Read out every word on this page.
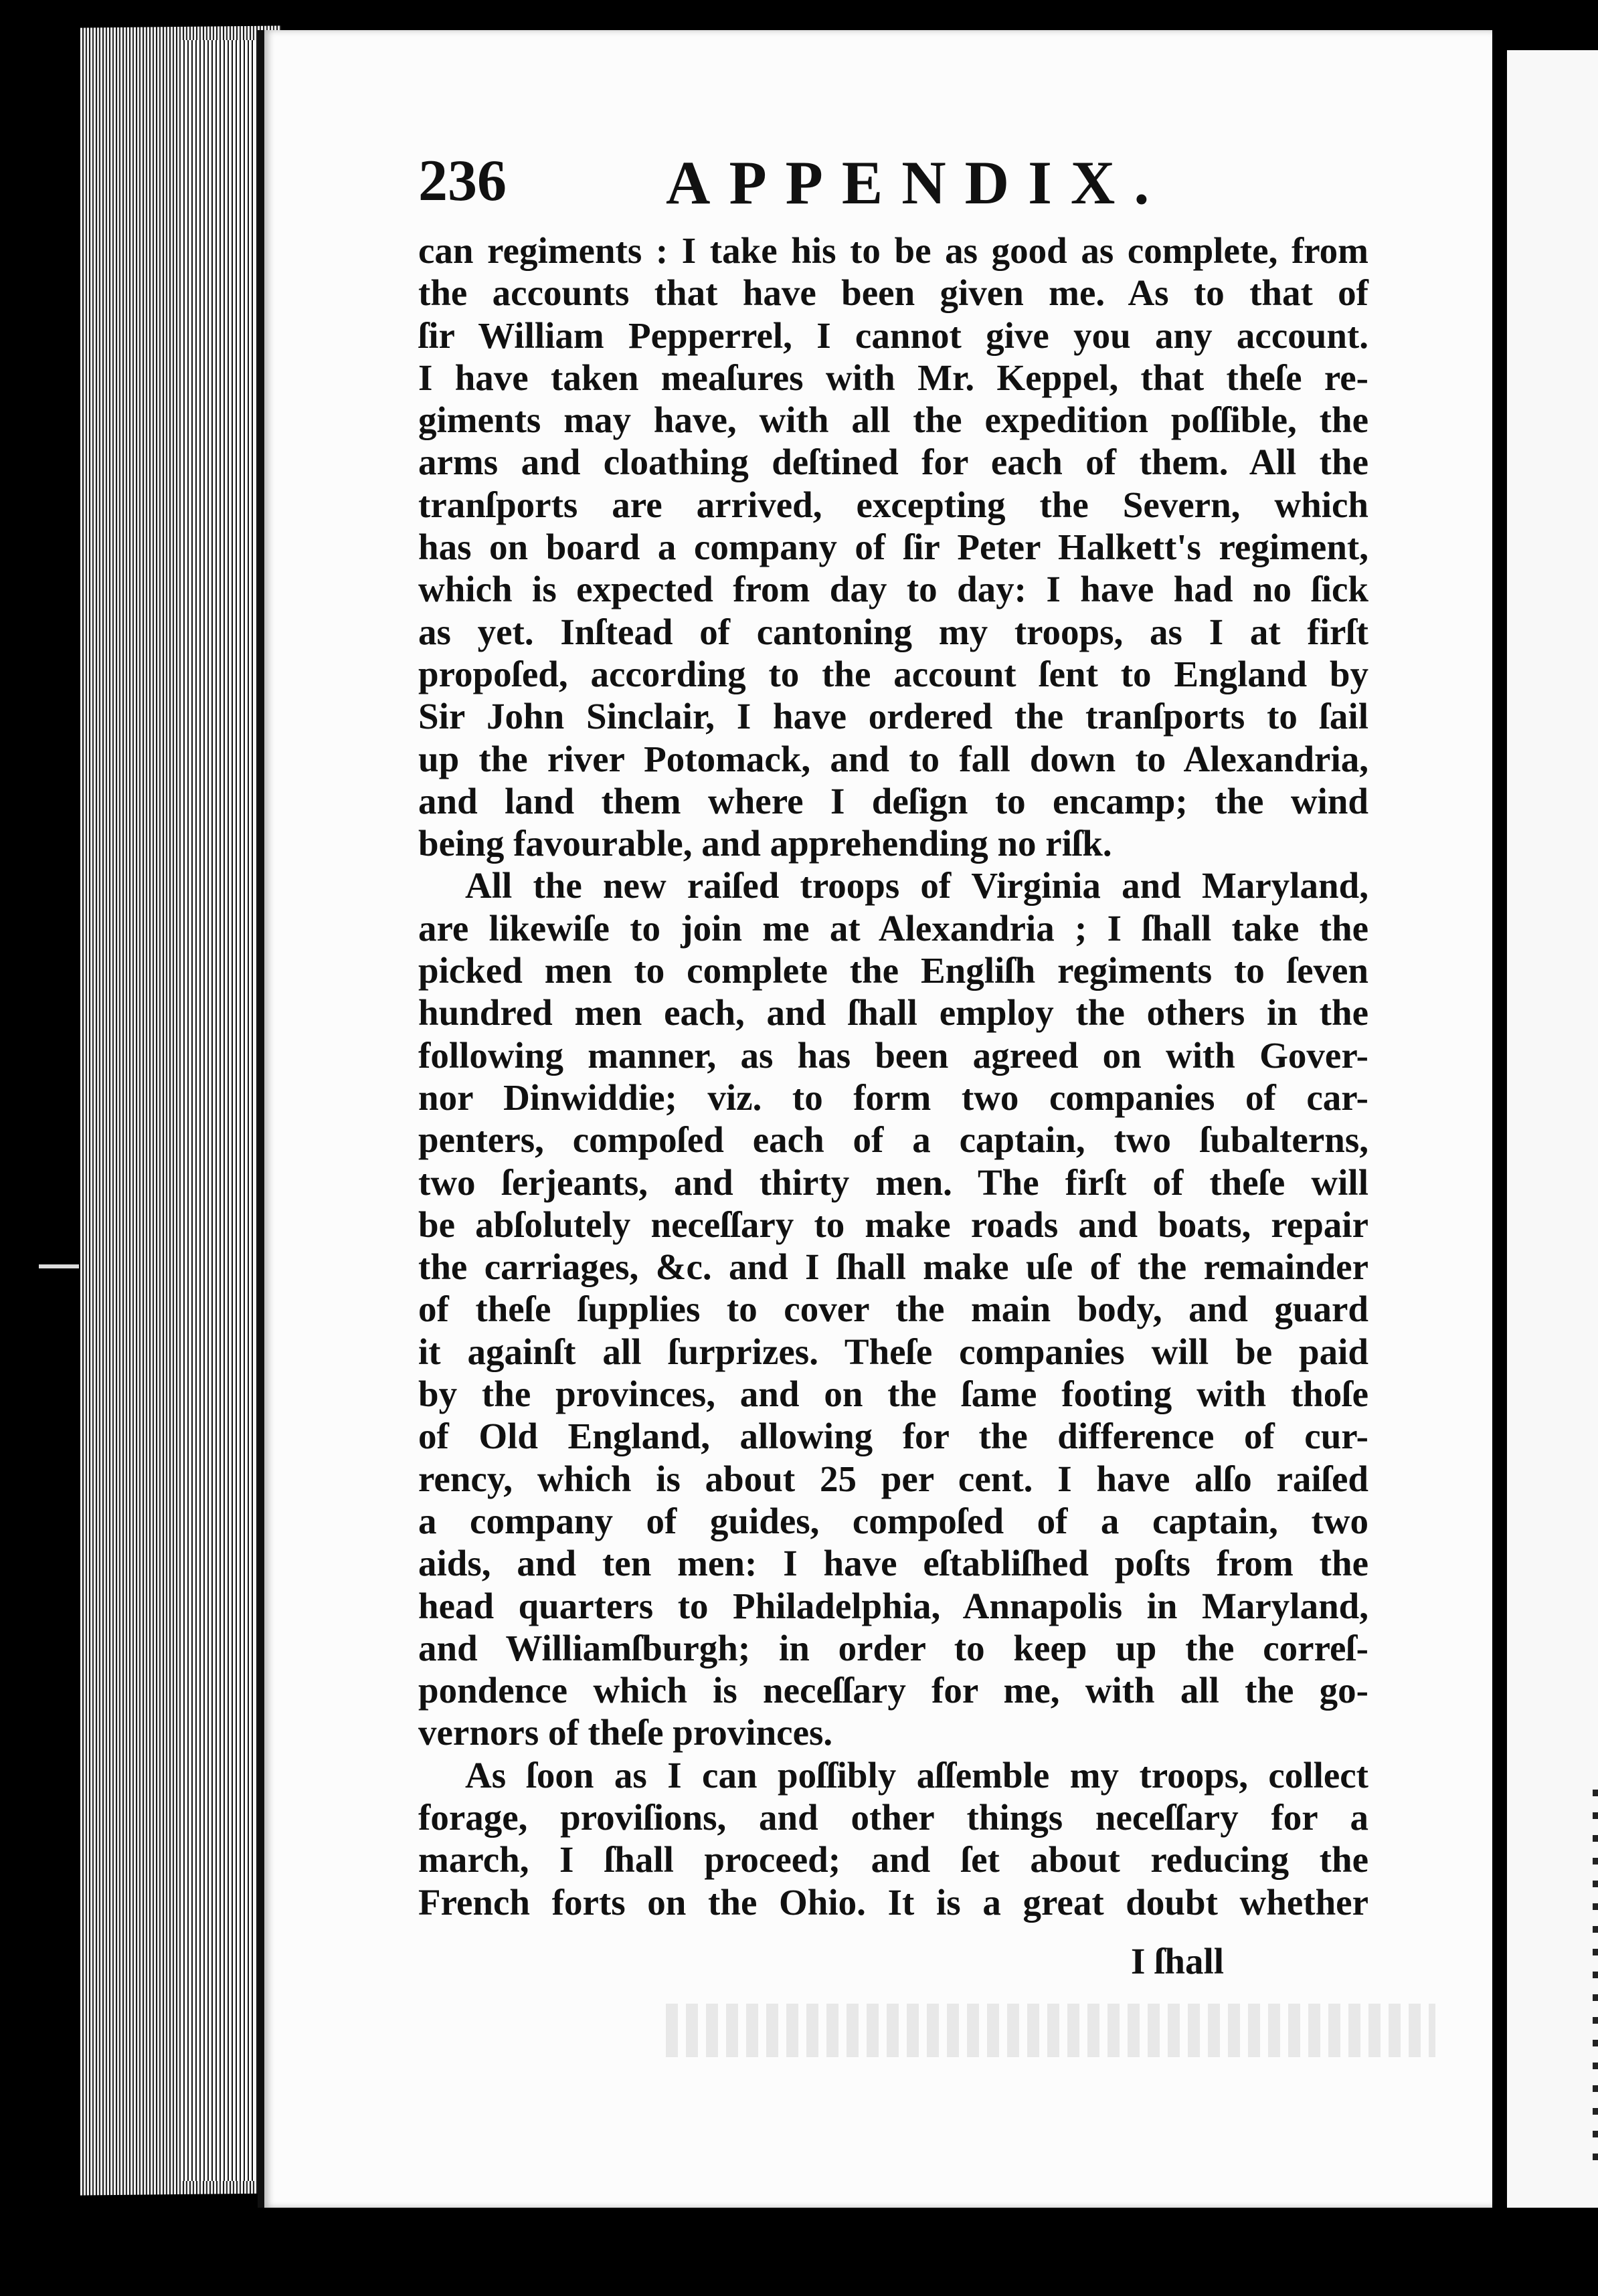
236	APPENDIX.
can regiments : I take his to be as good as complete, from
the accounts that have been given me. As to that of
ſir William Pepperrel, I cannot give you any account.
I have taken meaſures with Mr. Keppel, that theſe re-
giments may have, with all the expedition poſſible, the
arms and cloathing deſtined for each of them. All the
tranſports are arrived, excepting the Severn, which
has on board a company of ſir Peter Halkett's regiment,
which is expected from day to day: I have had no ſick
as yet. Inſtead of cantoning my troops, as I at firſt
propoſed, according to the account ſent to England by
Sir John Sinclair, I have ordered the tranſports to ſail
up the river Potomack, and to fall down to Alexandria,
and land them where I deſign to encamp; the wind
being favourable, and apprehending no riſk.
All the new raiſed troops of Virginia and Maryland,
are likewiſe to join me at Alexandria ; I ſhall take the
picked men to complete the Engliſh regiments to ſeven
hundred men each, and ſhall employ the others in the
following manner, as has been agreed on with Gover-
nor Dinwiddie; viz. to form two companies of car-
penters, compoſed each of a captain, two ſubalterns,
two ſerjeants, and thirty men. The firſt of theſe will
be abſolutely neceſſary to make roads and boats, repair
the carriages, &c. and I ſhall make uſe of the remainder
of theſe ſupplies to cover the main body, and guard
it againſt all ſurprizes. Theſe companies will be paid
by the provinces, and on the ſame footing with thoſe
of Old England, allowing for the difference of cur-
rency, which is about 25 per cent. I have alſo raiſed
a company of guides, compoſed of a captain, two
aids, and ten men: I have eſtabliſhed poſts from the
head quarters to Philadelphia, Annapolis in Maryland,
and Williamſburgh; in order to keep up the correſ-
pondence which is neceſſary for me, with all the go-
vernors of theſe provinces.
As ſoon as I can poſſibly aſſemble my troops, collect
forage, proviſions, and other things neceſſary for a
march, I ſhall proceed; and ſet about reducing the
French forts on the Ohio. It is a great doubt whether
I ſhall
